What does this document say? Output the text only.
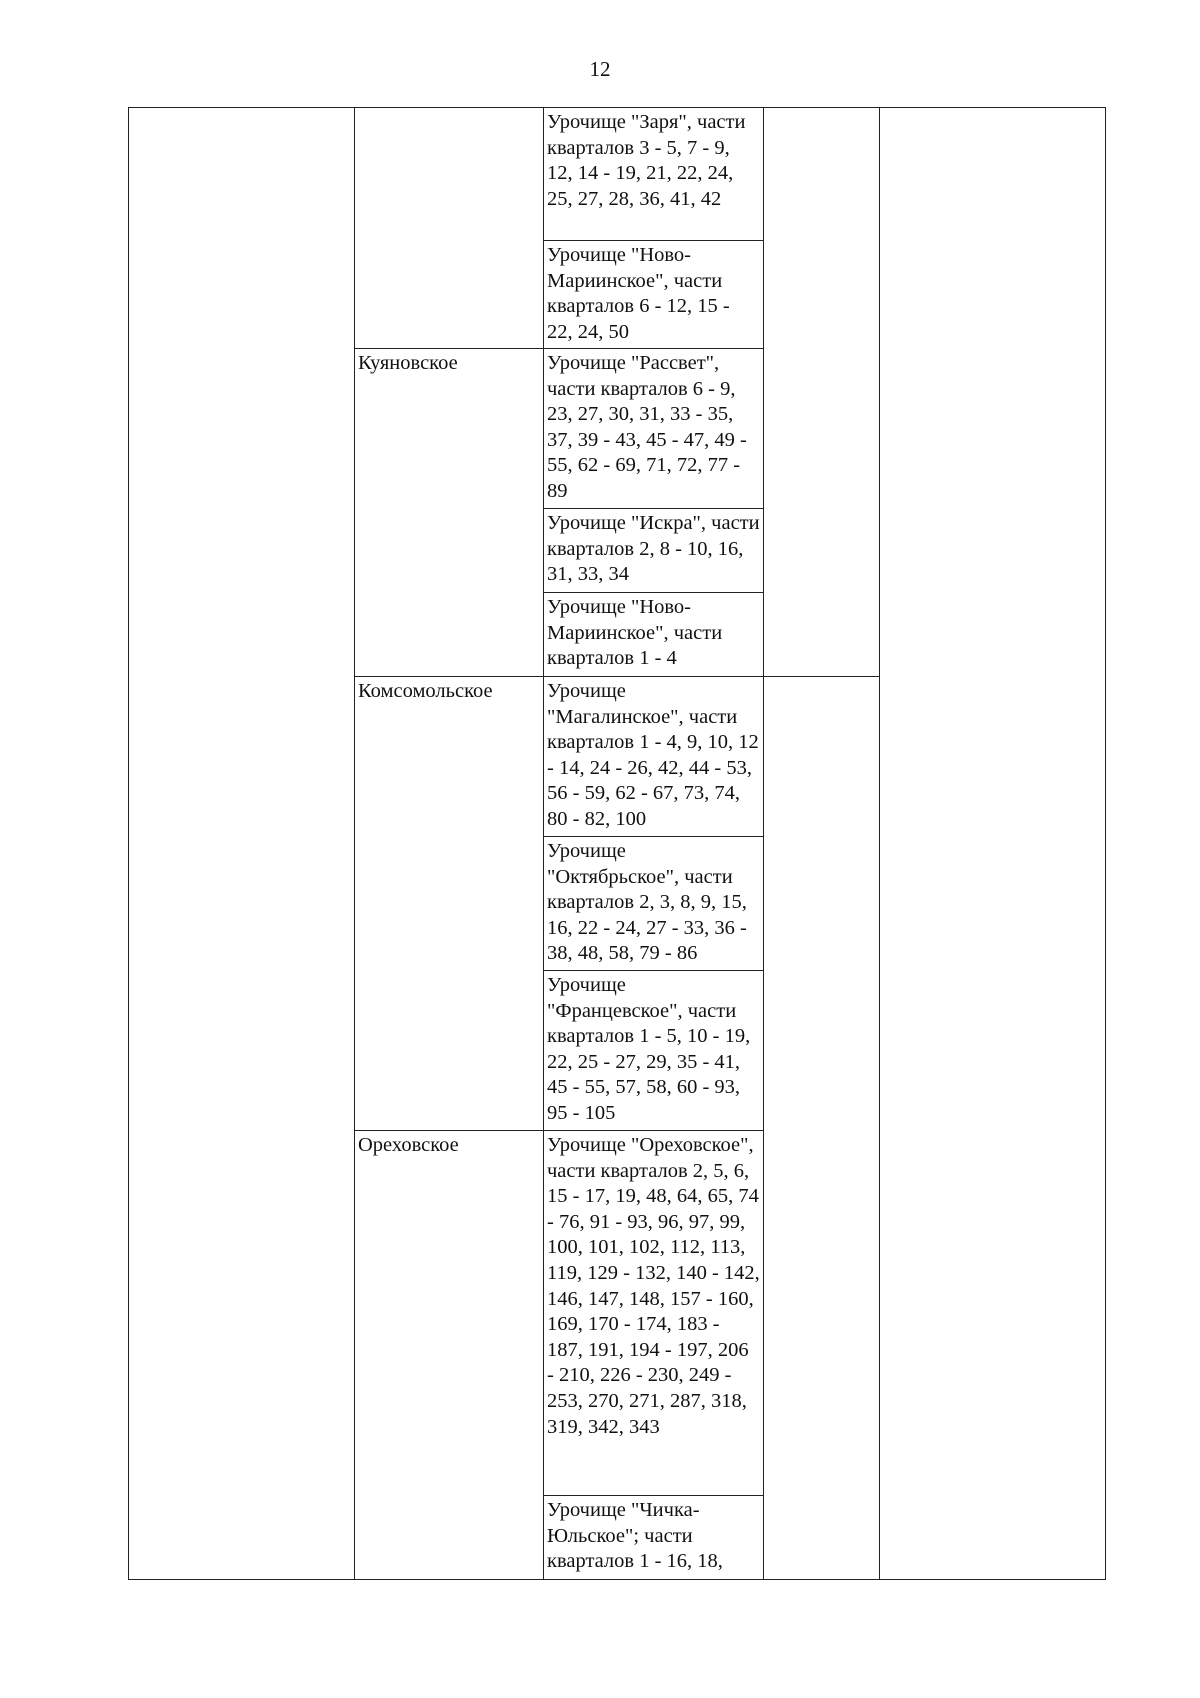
12

		Урочище "Заря", части кварталов 3 - 5, 7 - 9, 12, 14 - 19, 21, 22, 24, 25, 27, 28, 36, 41, 42		

		Урочище "Ново-Мариинское", части кварталов 6 - 12, 15 - 22, 24, 50		

	Куяновское	Урочище "Рассвет", части кварталов 6 - 9, 23, 27, 30, 31, 33 - 35, 37, 39 - 43, 45 - 47, 49 - 55, 62 - 69, 71, 72, 77 - 89		

		Урочище "Искра", части кварталов 2, 8 - 10, 16, 31, 33, 34		

		Урочище "Ново-Мариинское", части кварталов 1 - 4		

	Комсомольское	Урочище "Магалинское", части кварталов 1 - 4, 9, 10, 12 - 14, 24 - 26, 42, 44 - 53, 56 - 59, 62 - 67, 73, 74, 80 - 82, 100		

		Урочище "Октябрьское", части кварталов 2, 3, 8, 9, 15, 16, 22 - 24, 27 - 33, 36 - 38, 48, 58, 79 - 86		

		Урочище "Францевское", части кварталов 1 - 5, 10 - 19, 22, 25 - 27, 29, 35 - 41, 45 - 55, 57, 58, 60 - 93, 95 - 105		

	Ореховское	Урочище "Ореховское", части кварталов 2, 5, 6, 15 - 17, 19, 48, 64, 65, 74 - 76, 91 - 93, 96, 97, 99, 100, 101, 102, 112, 113, 119, 129 - 132, 140 - 142, 146, 147, 148, 157 - 160, 169, 170 - 174, 183 - 187, 191, 194 - 197, 206 - 210, 226 - 230, 249 - 253, 270, 271, 287, 318, 319, 342, 343		

		Урочище "Чичка-Юльское"; части кварталов 1 - 16, 18,		
